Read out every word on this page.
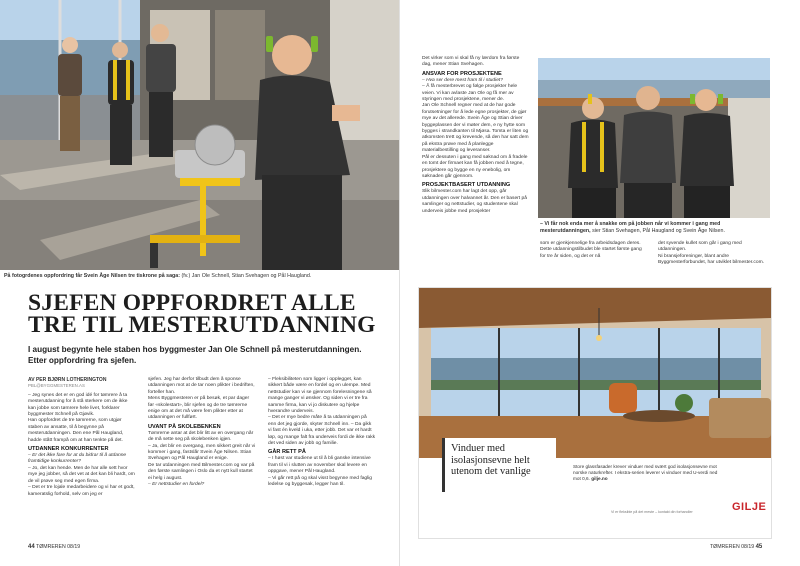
På fotogrdenes oppfordring får Svein Åge Nilsen tre tiskrone på saga: (fv.) Jan Ole Schnell, Stian Svehagen og Pål Haugland.
SJEFEN OPPFORDRET ALLE TRE TIL MESTERUTDANNING
I august begynte hele staben hos byggmester Jan Ole Schnell på mesterutdanningen. Etter oppfordring fra sjefen.
AV PER BJØRN LOTHERINGTON
PBL@BYGGMESTEREN.AS

– Jeg synes det er en god idé for tømrere å ta mesterutdanning for å stå sterkere om de ikke kan jobbe som tømrere hele livet, forklarer byggmester Schnell på Gjøvik.

Han oppfordret de tre tømrerne, som utgjør staben av ansatte, til å begynne på mesterutdanningen. Den ene Pål Haugland, hadde stått frampå om at han tenkte på det.

UTDANNER KONKURRENTER

– Er det ikke fare for at du bidrar til å utdanne framtidige konkurrenter?

– Jo, det kan hende. Men de har alle sett hvor mye jeg jobber, så det vet at det kan bli hardt, om de vil prøve seg med egen firma.

– Det er tre lojale medarbeidere og vi har et godt, kameratslig forhold, selv om jeg er

sjefen. Jeg har derfor tilbudt dem å sponse utdanningen mot at de tar noen plikter i bedriften, forteller han.

Mens Byggmesteren er på besøk, et par dager før «skolestart», blir sjefen og de tre tømrerne enige om at det må være fem plikter etter at utdanningen er fullført.

UVANT PÅ SKOLEBENKEN

Tømrerne antar at det blir litt av en overgang når de må sette seg på skolebenken igjen.

– Ja, det blir en overgang, men sikkert greit når vi kommer i gang, fastslår Svein Åge Nilsen. Stian Svehagen og Pål Haugland er enige.

De tar utdanningen med Bilmester.com og var på den første samlingen i Oslo da et nytt kull startet ei helg i august.

– Er nettstudier en fordel?

– Fleksibiliteten som ligger i opplegget, kan sikkert både være en fordel og en ulempe. Med nettstudier kan vi se gjennom forelesningene så mange ganger vi ønsker. Og siden vi er tre fra samme firma, kan vi jo diskutere og hjelpe hverandre underveis.

– Det er mye bedre måte å ta utdanningen på enn det jeg gjorde, skyter Schnell inn. – Da gikk vi fast én kveld i uka, etter jobb. Det var et hardt løp, og mange falt fra underveis fordi de ikke rakk det ved siden av jobb og familie.

GÅR RETT PÅ

– I høst var studiene ut til å bli ganske intensive fram til vi i slutten av november skal levere en oppgave, mener Pål Haugland.

– Vi går rett på og skal visst begynne med faglig ledelse og byggesak, legger han til.

44 TØMREREN 08/19

Det virker som vi skal få ny lærdom fra første dag, mener Stian Svehagen.

ANSVAR FOR PROSJEKTENE

– Hva ser dere mest fram til i studiet?

– Å få mesterbrevet og følge prosjekter hele veien. Vi kan avlaste Jan Ole og få mer av styringen med prosjektene, mener de.

Jan Ole Schnell regner med at de har gode forutsetninger for å lede egne prosjekter, de gjør mye av det allerede. Svein Åge og Stian driver byggeplassen der vi møter dem, e ny hytte som bygges i strandkanten til Mjøsa. Tomta er liten og atkomsten trett og krevende, så den har satt dem på ekstra prøve med å planlegge materialbestilling og leveranser.

Pål er dessuten i gang med søknad om å fradele en tomt der firmaet kan få jobben med å tegne, prosjektere og bygge en ny enebolig, om søknaden går gjennom.

PROSJEKTBASERT UTDANNING

Slik bilmester.com har lagt det opp, går utdanningen over halvannet år. Den er basert på samlinger og nettstudier, og studentene skal underveis jobbe med prosjekter

– Vi får nok enda mer å snakke om på jobben når vi kommer i gang med mesterutdanningen, sier Stian Svehagen, Pål Haugland og Svein Åge Nilsen.

som er gjenkjennelige fra arbeidsdagen deres.

Dette utdanningstilbudet ble startet første gang for tre år siden, og det er nå

det syvende kullet som går i gang med utdanningen.

Ni bransjeforeninger, blant andre Byggmesterforbundet, har utviklet bilmester.com.

TØMREREN 08/19 45
Vinduer med isolasjonsevne helt utenom det vanlige	Store glassfasader krever vinduer med svært god isolasjonsevne mot norske naturkrefter. I ekstra-serien leverer vi vinduer med U-verdi ned mot 0,6. gilje.no
Vi er fleksible på det meste – kontakt din forhandler	GILJE
